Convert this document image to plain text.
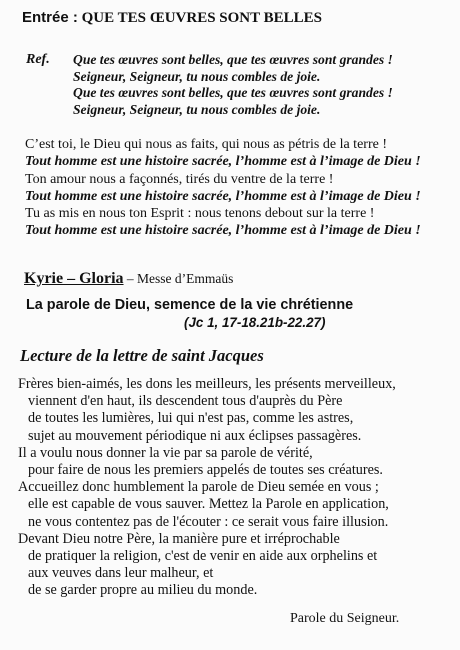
Entrée : QUE TES ŒUVRES SONT BELLES
Ref. Que tes œuvres sont belles, que tes œuvres sont grandes !
Seigneur, Seigneur, tu nous combles de joie.
Que tes œuvres sont belles, que tes œuvres sont grandes !
Seigneur, Seigneur, tu nous combles de joie.
C’est toi, le Dieu qui nous as faits, qui nous as pétris de la terre !
Tout homme est une histoire sacrée, l’homme est à l’image de Dieu !
Ton amour nous a façonnés, tirés du ventre de la terre !
Tout homme est une histoire sacrée, l’homme est à l’image de Dieu !
Tu as mis en nous ton Esprit : nous tenons debout sur la terre !
Tout homme est une histoire sacrée, l’homme est à l’image de Dieu !
Kyrie – Gloria – Messe d’Emmaüs
La parole de Dieu, semence de la vie chrétienne
(Jc 1, 17-18.21b-22.27)
Lecture de la lettre de saint Jacques
Frères bien-aimés, les dons les meilleurs, les présents merveilleux,
viennent d'en haut, ils descendent tous d'auprès du Père
de toutes les lumières, lui qui n'est pas, comme les astres,
sujet au mouvement périodique ni aux éclipses passagères.
Il a voulu nous donner la vie par sa parole de vérité,
pour faire de nous les premiers appelés de toutes ses créatures.
Accueillez donc humblement la parole de Dieu semée en vous ;
elle est capable de vous sauver. Mettez la Parole en application,
ne vous contentez pas de l'écouter : ce serait vous faire illusion.
Devant Dieu notre Père, la manière pure et irréprochable
de pratiquer la religion, c'est de venir en aide aux orphelins et
aux veuves dans leur malheur, et
de se garder propre au milieu du monde.
Parole du Seigneur.
